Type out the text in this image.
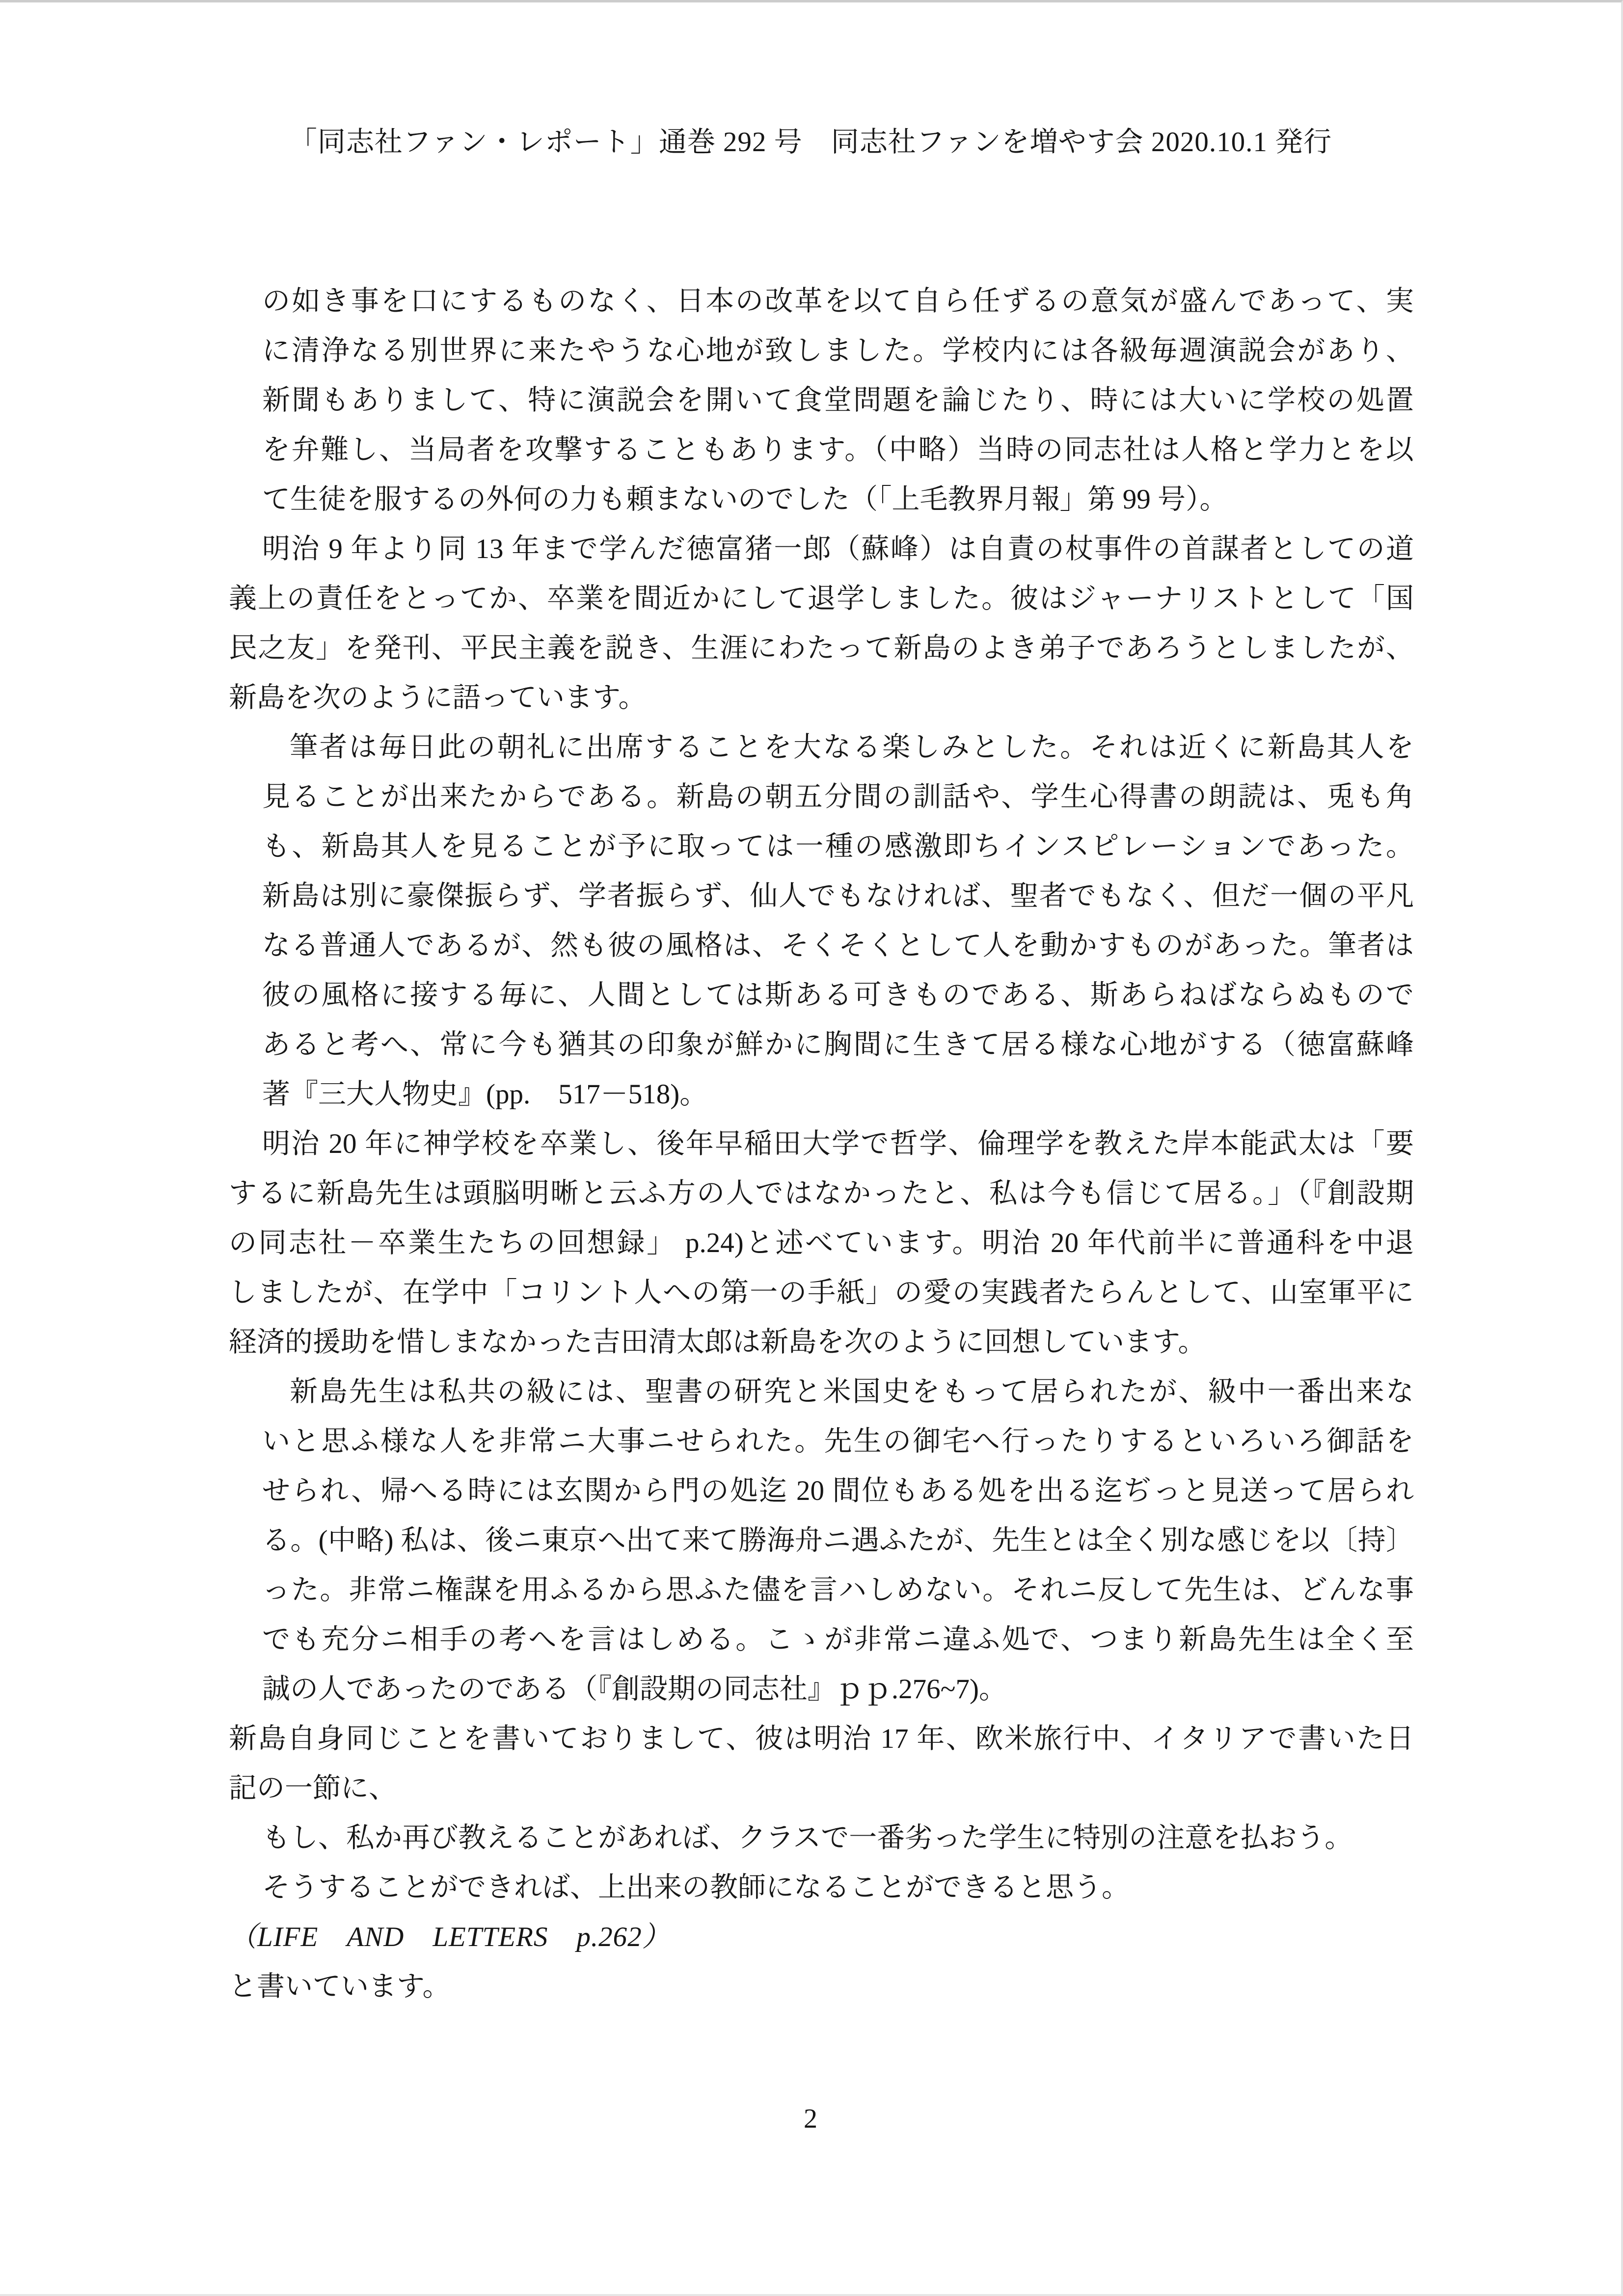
「同志社ファン・レポート」通巻 292 号　同志社ファンを増やす会 2020.10.1 発行
の如き事を口にするものなく、日本の改革を以て自ら任ずるの意気が盛んであって、実
に清浄なる別世界に来たやうな心地が致しました。学校内には各級毎週演説会があり、
新聞もありまして、特に演説会を開いて食堂問題を論じたり、時には大いに学校の処置
を弁難し、当局者を攻撃することもあります。（中略）当時の同志社は人格と学力とを以
て生徒を服するの外何の力も頼まないのでした（「上毛教界月報」第 99 号）。
明治 9 年より同 13 年まで学んだ徳富猪一郎（蘇峰）は自責の杖事件の首謀者としての道
義上の責任をとってか、卒業を間近かにして退学しました。彼はジャーナリストとして「国
民之友」を発刊、平民主義を説き、生涯にわたって新島のよき弟子であろうとしましたが、
新島を次のように語っています。
筆者は毎日此の朝礼に出席することを大なる楽しみとした。それは近くに新島其人を
見ることが出来たからである。新島の朝五分間の訓話や、学生心得書の朗読は、兎も角
も、新島其人を見ることが予に取っては一種の感激即ちインスピレーションであった。
新島は別に豪傑振らず、学者振らず、仙人でもなければ、聖者でもなく、但だ一個の平凡
なる普通人であるが、然も彼の風格は、そくそくとして人を動かすものがあった。筆者は
彼の風格に接する毎に、人間としては斯ある可きものである、斯あらねばならぬもので
あると考へ、常に今も猶其の印象が鮮かに胸間に生きて居る様な心地がする（徳富蘇峰
著『三大人物史』(pp.　517－518)。
明治 20 年に神学校を卒業し、後年早稲田大学で哲学、倫理学を教えた岸本能武太は「要
するに新島先生は頭脳明晰と云ふ方の人ではなかったと、私は今も信じて居る。」（『創設期
の同志社－卒業生たちの回想録」 p.24)と述べています。明治 20 年代前半に普通科を中退
しましたが、在学中「コリント人への第一の手紙」の愛の実践者たらんとして、山室軍平に
経済的援助を惜しまなかった吉田清太郎は新島を次のように回想しています。
新島先生は私共の級には、聖書の研究と米国史をもって居られたが、級中一番出来な
いと思ふ様な人を非常ニ大事ニせられた。先生の御宅へ行ったりするといろいろ御話を
せられ、帰へる時には玄関から門の処迄 20 間位もある処を出る迄ぢっと見送って居られ
る。(中略) 私は、後ニ東京へ出て来て勝海舟ニ遇ふたが、先生とは全く別な感じを以〔持〕
った。非常ニ権謀を用ふるから思ふた儘を言ハしめない。それニ反して先生は、どんな事
でも充分ニ相手の考へを言はしめる。こゝが非常ニ違ふ処で、つまり新島先生は全く至
誠の人であったのである（『創設期の同志社』ｐｐ.276~7)。
新島自身同じことを書いておりまして、彼は明治 17 年、欧米旅行中、イタリアで書いた日
記の一節に、
もし、私か再び教えることがあれば、クラスで一番劣った学生に特別の注意を払おう。
そうすることができれば、上出来の教師になることができると思う。
（LIFE　AND　LETTERS　p.262）
と書いています。
2
